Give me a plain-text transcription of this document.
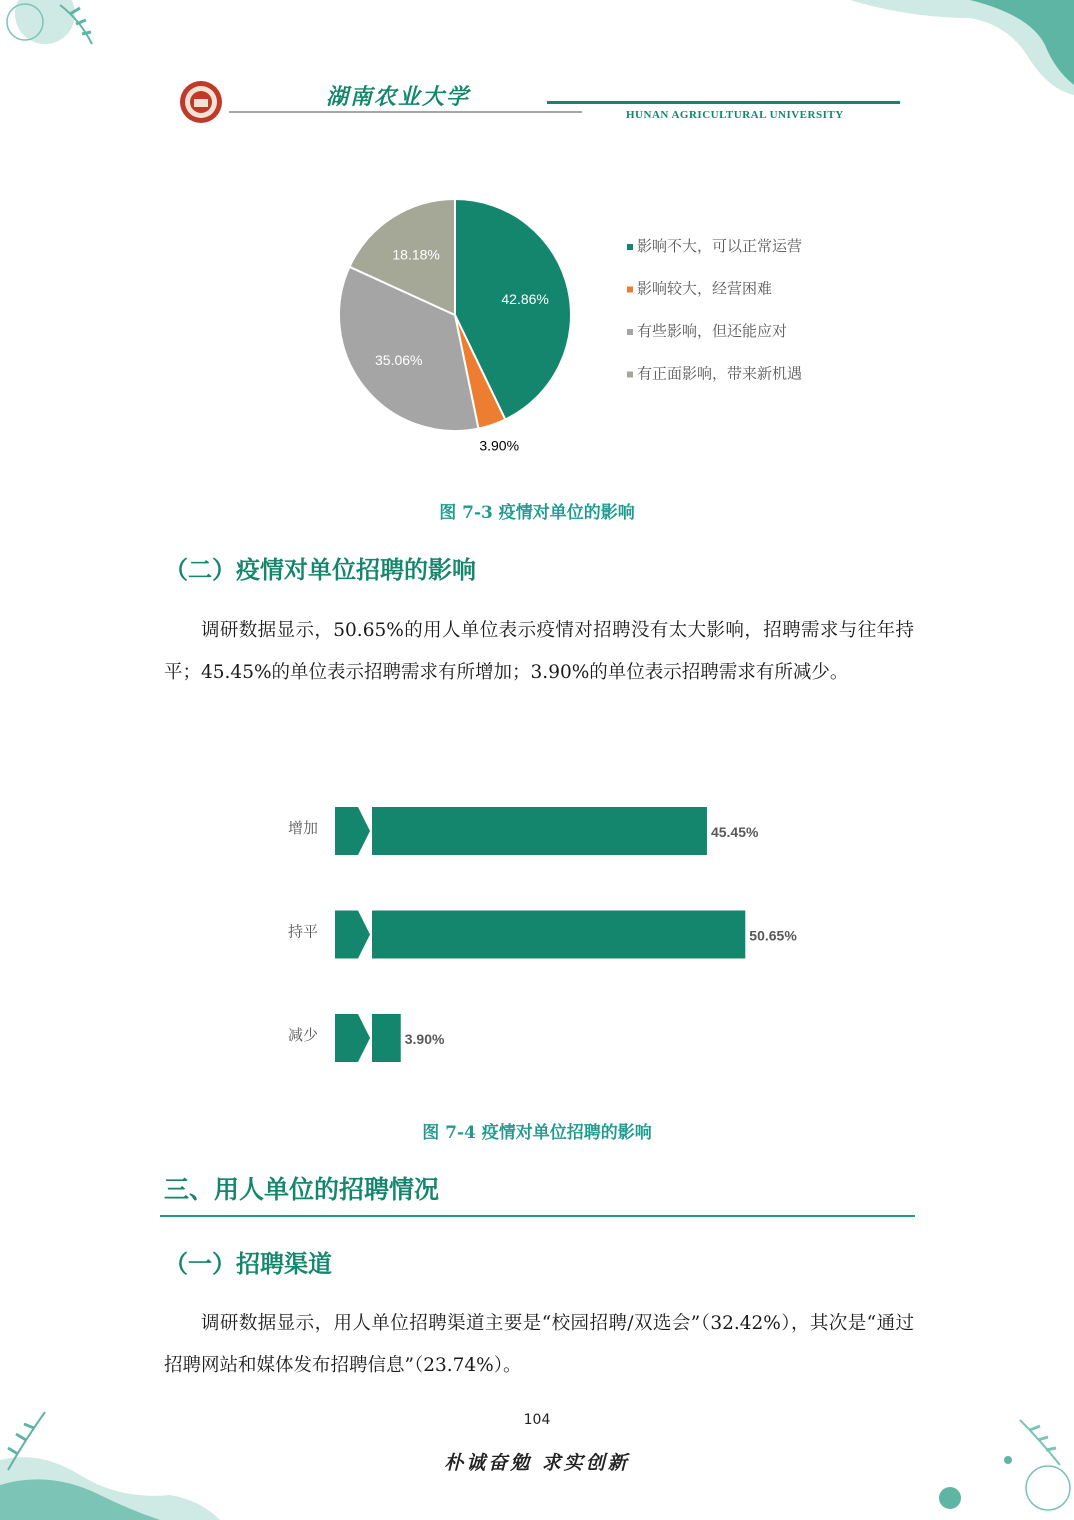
湖南农业大学
HUNAN AGRICULTURAL UNIVERSITY
42.86%
3.90%
35.06%
18.18%	影响不大，可以正常运营
影响较大，经营困难
有些影响，但还能应对
有正面影响，带来新机遇
图 7-3 疫情对单位的影响
（二）疫情对单位招聘的影响
调研数据显示，50.65%的用人单位表示疫情对招聘没有太大影响，招聘需求与往年持平；45.45%的单位表示招聘需求有所增加；3.90%的单位表示招聘需求有所减少。
增加	45.45%
持平	50.65%
减少	3.90%
图 7-4 疫情对单位招聘的影响
三、用人单位的招聘情况
（一）招聘渠道
调研数据显示，用人单位招聘渠道主要是“校园招聘/双选会”（32.42%），其次是“通过招聘网站和媒体发布招聘信息”（23.74%）。
104
朴诚奋勉 求实创新
